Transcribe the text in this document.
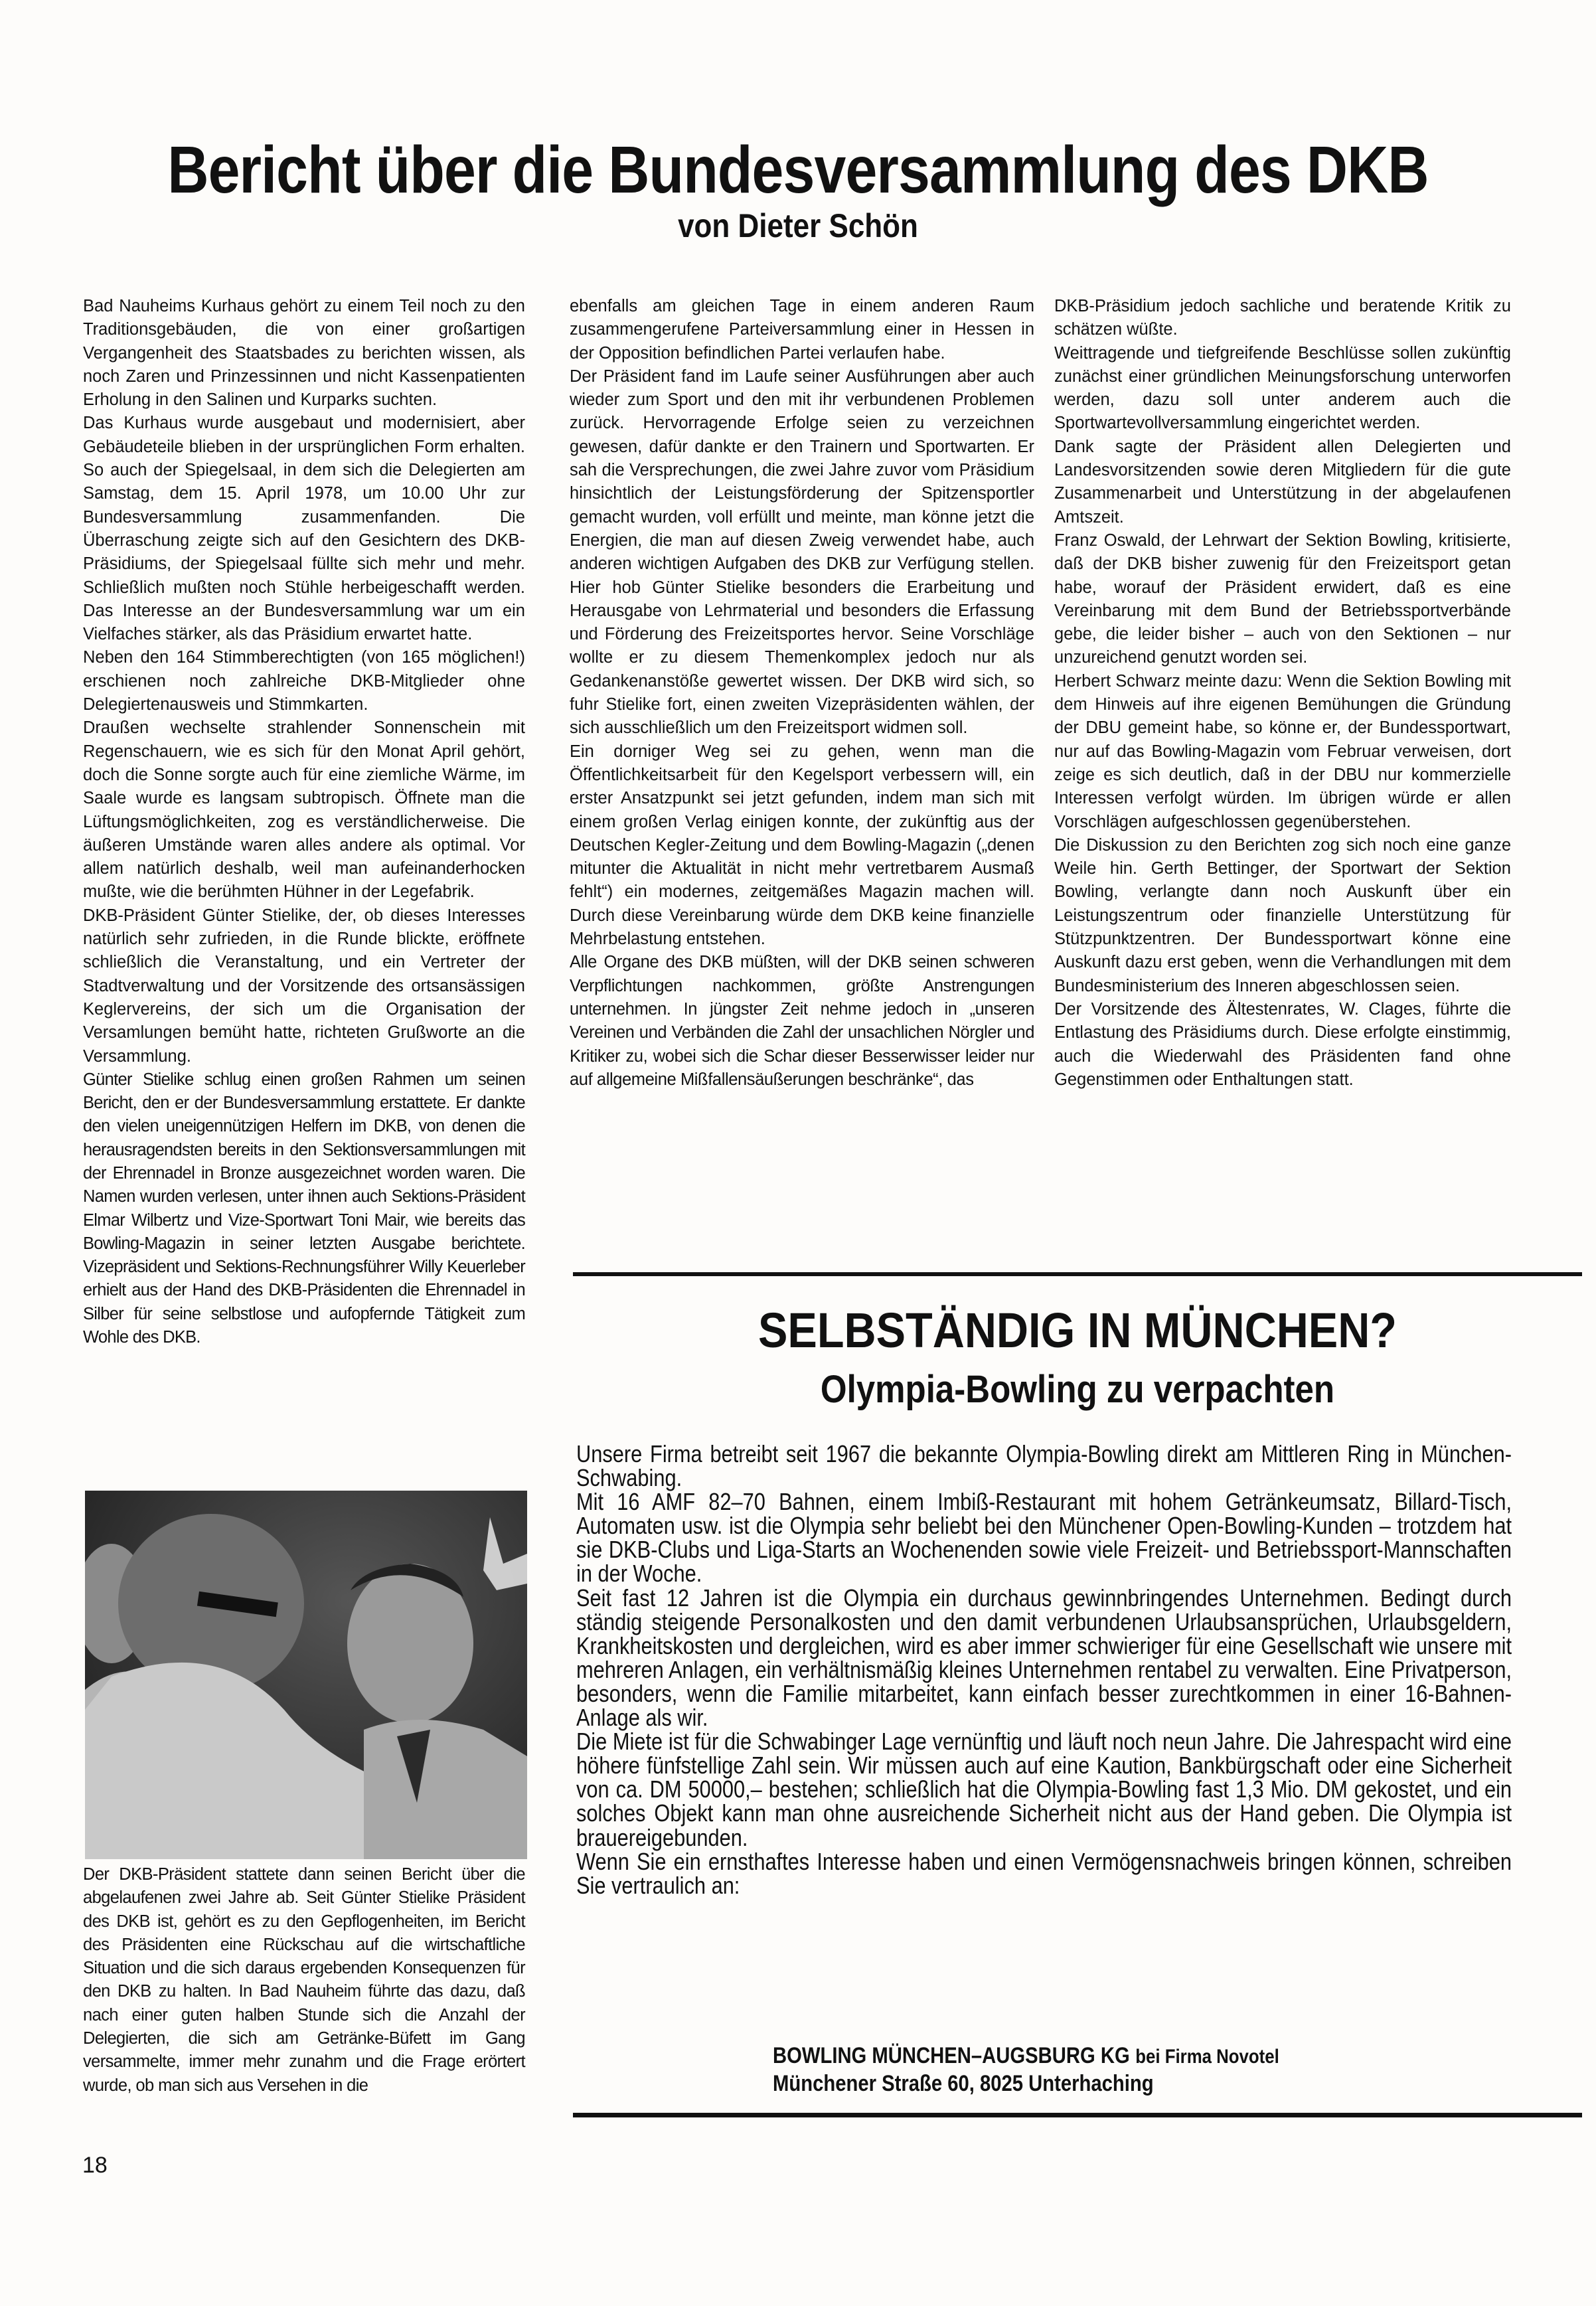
Bericht über die Bundesversammlung des DKB
von Dieter Schön

Bad Nauheims Kurhaus gehört zu einem Teil noch zu den Traditionsgebäuden, die von einer großartigen Vergangenheit des Staatsbades zu berichten wissen, als noch Zaren und Prinzessinnen und nicht Kassenpatienten Erholung in den Salinen und Kurparks suchten.

Das Kurhaus wurde ausgebaut und modernisiert, aber Gebäudeteile blieben in der ursprünglichen Form erhalten. So auch der Spiegelsaal, in dem sich die Delegierten am Samstag, dem 15. April 1978, um 10.00 Uhr zur Bundesversammlung zusammenfanden. Die Überraschung zeigte sich auf den Gesichtern des DKB-Präsidiums, der Spiegelsaal füllte sich mehr und mehr. Schließlich mußten noch Stühle herbeigeschafft werden. Das Interesse an der Bundesversammlung war um ein Vielfaches stärker, als das Präsidium erwartet hatte.

Neben den 164 Stimmberechtigten (von 165 möglichen!) erschienen noch zahlreiche DKB-Mitglieder ohne Delegiertenausweis und Stimmkarten.

Draußen wechselte strahlender Sonnenschein mit Regenschauern, wie es sich für den Monat April gehört, doch die Sonne sorgte auch für eine ziemliche Wärme, im Saale wurde es langsam subtropisch. Öffnete man die Lüftungsmöglichkeiten, zog es verständlicherweise. Die äußeren Umstände waren alles andere als optimal. Vor allem natürlich deshalb, weil man aufeinanderhocken mußte, wie die berühmten Hühner in der Legefabrik.

DKB-Präsident Günter Stielike, der, ob dieses Interesses natürlich sehr zufrieden, in die Runde blickte, eröffnete schließlich die Veranstaltung, und ein Vertreter der Stadtverwaltung und der Vorsitzende des ortsansässigen Keglervereins, der sich um die Organisation der Versamlungen bemüht hatte, richteten Grußworte an die Versammlung.

Günter Stielike schlug einen großen Rahmen um seinen Bericht, den er der Bundesversammlung erstattete. Er dankte den vielen uneigennützigen Helfern im DKB, von denen die herausragendsten bereits in den Sektionsversammlungen mit der Ehrennadel in Bronze ausgezeichnet worden waren. Die Namen wurden verlesen, unter ihnen auch Sektions-Präsident Elmar Wilbertz und Vize-Sportwart Toni Mair, wie bereits das Bowling-Magazin in seiner letzten Ausgabe berichtete. Vizepräsident und Sektions-Rechnungsführer Willy Keuerleber erhielt aus der Hand des DKB-Präsidenten die Ehrennadel in Silber für seine selbstlose und aufopfernde Tätigkeit zum Wohle des DKB.

Der DKB-Präsident stattete dann seinen Bericht über die abgelaufenen zwei Jahre ab. Seit Günter Stielike Präsident des DKB ist, gehört es zu den Gepflogenheiten, im Bericht des Präsidenten eine Rückschau auf die wirtschaftliche Situation und die sich daraus ergebenden Konsequenzen für den DKB zu halten. In Bad Nauheim führte das dazu, daß nach einer guten halben Stunde sich die Anzahl der Delegierten, die sich am Getränke-Büfett im Gang versammelte, immer mehr zunahm und die Frage erörtert wurde, ob man sich aus Versehen in die

18

ebenfalls am gleichen Tage in einem anderen Raum zusammengerufene Parteiversammlung einer in Hessen in der Opposition befindlichen Partei verlaufen habe.

Der Präsident fand im Laufe seiner Ausführungen aber auch wieder zum Sport und den mit ihr verbundenen Problemen zurück. Hervorragende Erfolge seien zu verzeichnen gewesen, dafür dankte er den Trainern und Sportwarten. Er sah die Versprechungen, die zwei Jahre zuvor vom Präsidium hinsichtlich der Leistungsförderung der Spitzensportler gemacht wurden, voll erfüllt und meinte, man könne jetzt die Energien, die man auf diesen Zweig verwendet habe, auch anderen wichtigen Aufgaben des DKB zur Verfügung stellen. Hier hob Günter Stielike besonders die Erarbeitung und Herausgabe von Lehrmaterial und besonders die Erfassung und Förderung des Freizeitsportes hervor. Seine Vorschläge wollte er zu diesem Themenkomplex jedoch nur als Gedankenanstöße gewertet wissen. Der DKB wird sich, so fuhr Stielike fort, einen zweiten Vizepräsidenten wählen, der sich ausschließlich um den Freizeitsport widmen soll.

Ein dorniger Weg sei zu gehen, wenn man die Öffentlichkeitsarbeit für den Kegelsport verbessern will, ein erster Ansatzpunkt sei jetzt gefunden, indem man sich mit einem großen Verlag einigen konnte, der zukünftig aus der Deutschen Kegler-Zeitung und dem Bowling-Magazin („denen mitunter die Aktualität in nicht mehr vertretbarem Ausmaß fehlt“) ein modernes, zeitgemäßes Magazin machen will. Durch diese Vereinbarung würde dem DKB keine finanzielle Mehrbelastung entstehen.

Alle Organe des DKB müßten, will der DKB seinen schweren Verpflichtungen nachkommen, größte Anstrengungen unternehmen. In jüngster Zeit nehme jedoch in „unseren Vereinen und Verbänden die Zahl der unsachlichen Nörgler und Kritiker zu, wobei sich die Schar dieser Besserwisser leider nur auf allgemeine Mißfallensäußerungen beschränke“, das

DKB-Präsidium jedoch sachliche und beratende Kritik zu schätzen wüßte.

Weittragende und tiefgreifende Beschlüsse sollen zukünftig zunächst einer gründlichen Meinungsforschung unterworfen werden, dazu soll unter anderem auch die Sportwartevollversammlung eingerichtet werden.

Dank sagte der Präsident allen Delegierten und Landesvorsitzenden sowie deren Mitgliedern für die gute Zusammenarbeit und Unterstützung in der abgelaufenen Amtszeit.

Franz Oswald, der Lehrwart der Sektion Bowling, kritisierte, daß der DKB bisher zuwenig für den Freizeitsport getan habe, worauf der Präsident erwidert, daß es eine Vereinbarung mit dem Bund der Betriebssportverbände gebe, die leider bisher – auch von den Sektionen – nur unzureichend genutzt worden sei.

Herbert Schwarz meinte dazu: Wenn die Sektion Bowling mit dem Hinweis auf ihre eigenen Bemühungen die Gründung der DBU gemeint habe, so könne er, der Bundessportwart, nur auf das Bowling-Magazin vom Februar verweisen, dort zeige es sich deutlich, daß in der DBU nur kommerzielle Interessen verfolgt würden. Im übrigen würde er allen Vorschlägen aufgeschlossen gegenüberstehen.

Die Diskussion zu den Berichten zog sich noch eine ganze Weile hin. Gerth Bettinger, der Sportwart der Sektion Bowling, verlangte dann noch Auskunft über ein Leistungszentrum oder finanzielle Unterstützung für Stützpunktzentren. Der Bundessportwart könne eine Auskunft dazu erst geben, wenn die Verhandlungen mit dem Bundesministerium des Inneren abgeschlossen seien.

Der Vorsitzende des Ältestenrates, W. Clages, führte die Entlastung des Präsidiums durch. Diese erfolgte einstimmig, auch die Wiederwahl des Präsidenten fand ohne Gegenstimmen oder Enthaltungen statt.

SELBSTÄNDIG IN MÜNCHEN?
Olympia-Bowling zu verpachten

Unsere Firma betreibt seit 1967 die bekannte Olympia-Bowling direkt am Mittleren Ring in München-Schwabing.

Mit 16 AMF 82–70 Bahnen, einem Imbiß-Restaurant mit hohem Getränkeumsatz, Billard-Tisch, Automaten usw. ist die Olympia sehr beliebt bei den Münchener Open-Bowling-Kunden – trotzdem hat sie DKB-Clubs und Liga-Starts an Wochenenden sowie viele Freizeit- und Betriebssport-Mannschaften in der Woche.

Seit fast 12 Jahren ist die Olympia ein durchaus gewinnbringendes Unternehmen. Bedingt durch ständig steigende Personalkosten und den damit verbundenen Urlaubsansprüchen, Urlaubsgeldern, Krankheitskosten und dergleichen, wird es aber immer schwieriger für eine Gesellschaft wie unsere mit mehreren Anlagen, ein verhältnismäßig kleines Unternehmen rentabel zu verwalten. Eine Privatperson, besonders, wenn die Familie mitarbeitet, kann einfach besser zurechtkommen in einer 16-Bahnen-Anlage als wir.

Die Miete ist für die Schwabinger Lage vernünftig und läuft noch neun Jahre. Die Jahrespacht wird eine höhere fünfstellige Zahl sein. Wir müssen auch auf eine Kaution, Bankbürgschaft oder eine Sicherheit von ca. DM 50000,– bestehen; schließlich hat die Olympia-Bowling fast 1,3 Mio. DM gekostet, und ein solches Objekt kann man ohne ausreichende Sicherheit nicht aus der Hand geben. Die Olympia ist brauereigebunden.

Wenn Sie ein ernsthaftes Interesse haben und einen Vermögensnachweis bringen können, schreiben Sie vertraulich an:

BOWLING MÜNCHEN–AUGSBURG KG bei Firma Novotel
Münchener Straße 60, 8025 Unterhaching
